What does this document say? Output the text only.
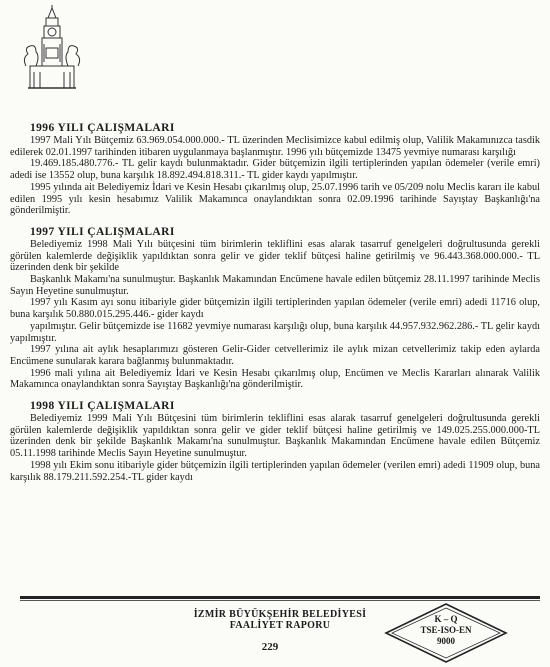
1996 YILI ÇALIŞMALARI

1997 Mali Yılı Bütçemiz 63.969.054.000.000.- TL üzerinden Meclisimizce kabul edilmiş olup, Valilik Makamınızca tasdik edilerek 02.01.1997 tarihinden itibaren uygulanmaya başlanmıştır. 1996 yılı bütçemizde 13475 yevmiye numarası karşılığı

19.469.185.480.776.- TL gelir kaydı bulunmaktadır. Gider bütçemizin ilgili tertiplerinden yapılan ödemeler (verile emri) adedi ise 13552 olup, buna karşılık 18.892.494.818.311.- TL gider kaydı yapılmıştır.

1995 yılında ait Belediyemiz İdari ve Kesin Hesabı çıkarılmış olup, 25.07.1996 tarih ve 05/209 nolu Meclis kararı ile kabul edilen 1995 yılı kesin hesabımız Valilik Makamınca onaylandıktan sonra 02.09.1996 tarihinde Sayıştay Başkanlığı'na gönderilmiştir.

1997 YILI ÇALIŞMALARI

Belediyemiz 1998 Mali Yılı bütçesini tüm birimlerin tekliflini esas alarak tasarruf genelgeleri doğrultusunda gerekli görülen kalemlerde değişiklik yapıldıktan sonra gelir ve gider teklif bütçesi haline getirilmiş ve 96.443.368.000.000.- TL üzerinden denk bir şekilde

Başkanlık Makamı'na sunulmuştur. Başkanlık Makamından Encümene havale edilen bütçemiz 28.11.1997 tarihinde Meclis Sayın Heyetine sunulmuştur.

1997 yılı Kasım ayı sonu itibariyle gider bütçemizin ilgili tertiplerinden yapılan ödemeler (verile emri) adedi 11716 olup, buna karşılık 50.880.015.295.446.- gider kaydı

yapılmıştır. Gelir bütçemizde ise 11682 yevmiye numarası karşılığı olup, buna karşılık 44.957.932.962.286.- TL gelir kaydı yapılmıştır.

1997 yılına ait aylık hesaplarımızı gösteren Gelir-Gider cetvellerimiz ile aylık mizan cetvellerimiz takip eden aylarda Encümene sunularak karara bağlanmış bulunmaktadır.

1996 mali yılına ait Belediyemiz İdari ve Kesin Hesabı çıkarılmış olup, Encümen ve Meclis Kararları alınarak Valilik Makamınca onaylandıktan sonra Sayıştay Başkanlığı'na gönderilmiştir.

1998 YILI ÇALIŞMALARI

Belediyemiz 1999 Mali Yılı Bütçesini tüm birimlerin tekliflini esas alarak tasarruf genelgeleri doğrultusunda gerekli görülen kalemlerde değişiklik yapıldıktan sonra gelir ve gider teklif bütçesi haline getirilmiş ve 149.025.255.000.000-TL üzerinden denk bir şekilde Başkanlık Makamı'na sunulmuştur. Başkanlık Makamından Encümene havale edilen Bütçemiz 05.11.1998 tarihinde Meclis Sayın Heyetine sunulmuştur.

1998 yılı Ekim sonu itibariyle gider bütçemizin ilgili tertiplerinden yapılan ödemeler (verilen emri) adedi 11909 olup, buna karşılık 88.179.211.592.254.-TL gider kaydı

İZMİR BÜYÜKŞEHİR BELEDİYESİ
FAALİYET RAPORU
229
K – Q
TSE-ISO-EN
9000
